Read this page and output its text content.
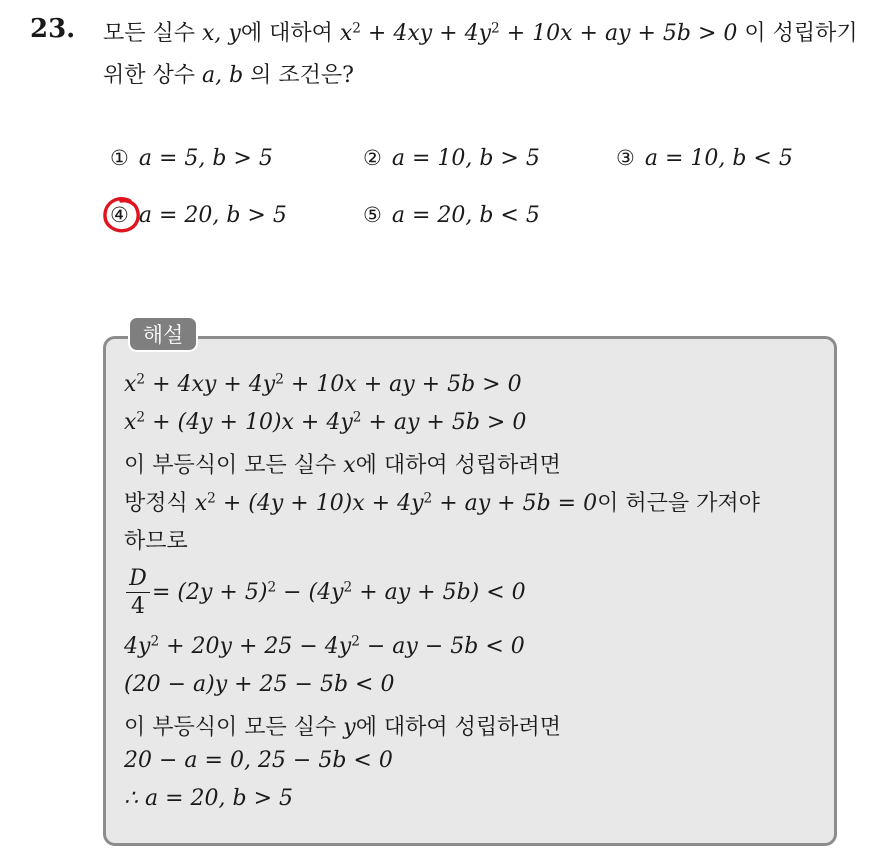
23. 모든 실수 x, y에 대하여 $x^2 + 4xy + 4y^2 + 10x$ + ay + 5b > 0 이 성립하기
위한 상수 a, b 의 조건은?
① a = 5, b > 5	② a = 10, b > 5	③ a = 10, b < 5
④ a = 20, b > 5	⑤ a = 20, b < 5
해설
$x^2 + 4xy + 4y^2 + 10x$ + ay + 5b > 0
$x^2 + (4y + 10)x + 4y^2$ + ay + 5b > 0
이 부등식이 모든 실수 x에 대하여 성립하려면
방정식 $x^2 + (4y + 10)x + 4y^2$ + ay + 5b = 0이 허근을 가져야
하므로
D
4
= $(2y + 5)^2 - (4y^2$ + ay + 5b) < 0
$4y^2 + 20y + 25 - 4y^2$ − ay − 5b < 0
(20 − a)y + 25 − 5b < 0
이 부등식이 모든 실수 y에 대하여 성립하려면
20 − a = 0, 25 − 5b < 0
∴ a = 20, b > 5
